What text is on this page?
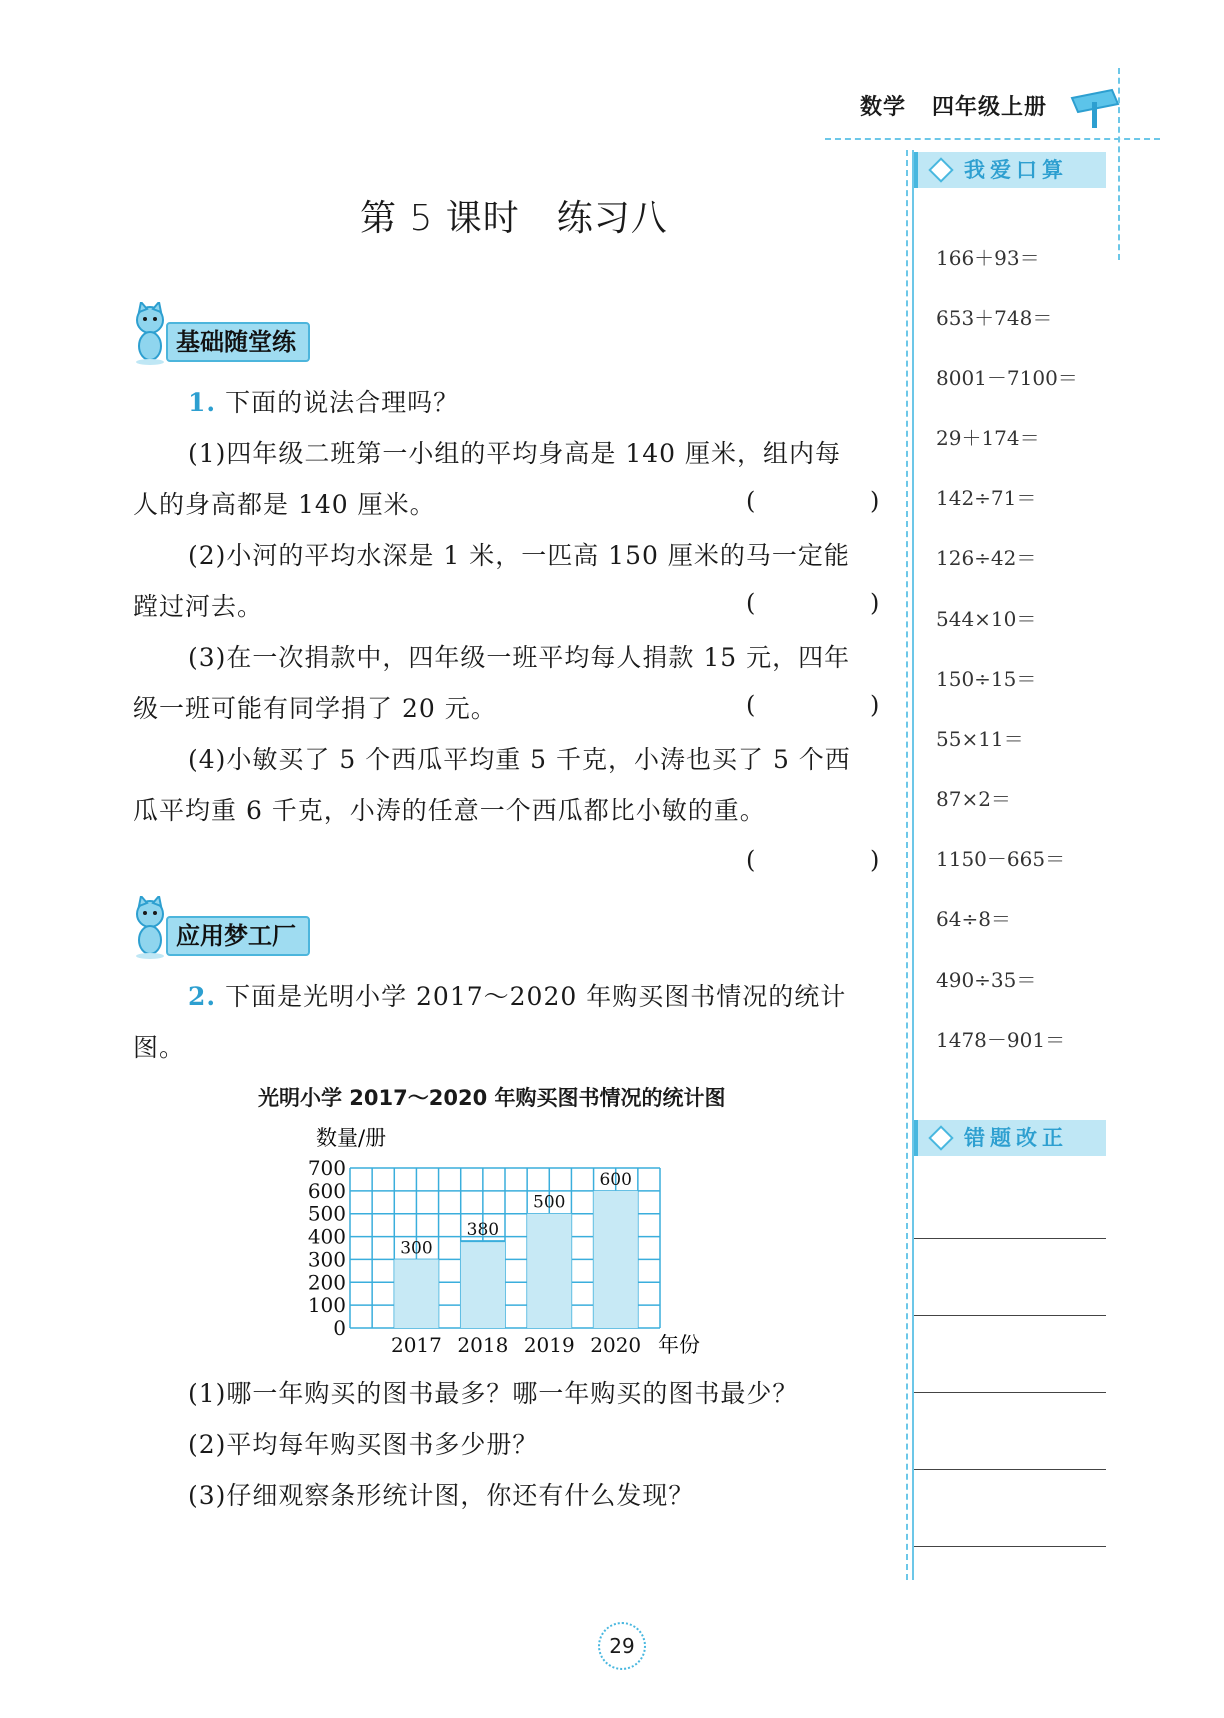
数学 四年级上册
我爱口算
166＋93＝
653＋748＝
8001－7100＝
29＋174＝
142÷71＝
126÷42＝
544×10＝
150÷15＝
55×11＝
87×2＝
1150－665＝
64÷8＝
490÷35＝
1478－901＝
错题改正
第 5 课时　练习八
基础随堂练
1. 下面的说法合理吗？
(1)四年级二班第一小组的平均身高是 140 厘米，组内每
人的身高都是 140 厘米。	(	)
(2)小河的平均水深是 1 米，一匹高 150 厘米的马一定能
蹚过河去。	(	)
(3)在一次捐款中，四年级一班平均每人捐款 15 元，四年
级一班可能有同学捐了 20 元。	(	)
(4)小敏买了 5 个西瓜平均重 5 千克，小涛也买了 5 个西
瓜平均重 6 千克，小涛的任意一个西瓜都比小敏的重。
(	)
应用梦工厂
2. 下面是光明小学 2017～2020 年购买图书情况的统计
图。
光明小学 2017～2020 年购买图书情况的统计图
数量/册
300
380
500
600
0
100
200
300
400
500
600
700
2017 2018 2019 2020 年份
(1)哪一年购买的图书最多？哪一年购买的图书最少？
(2)平均每年购买图书多少册？
(3)仔细观察条形统计图，你还有什么发现？
29
